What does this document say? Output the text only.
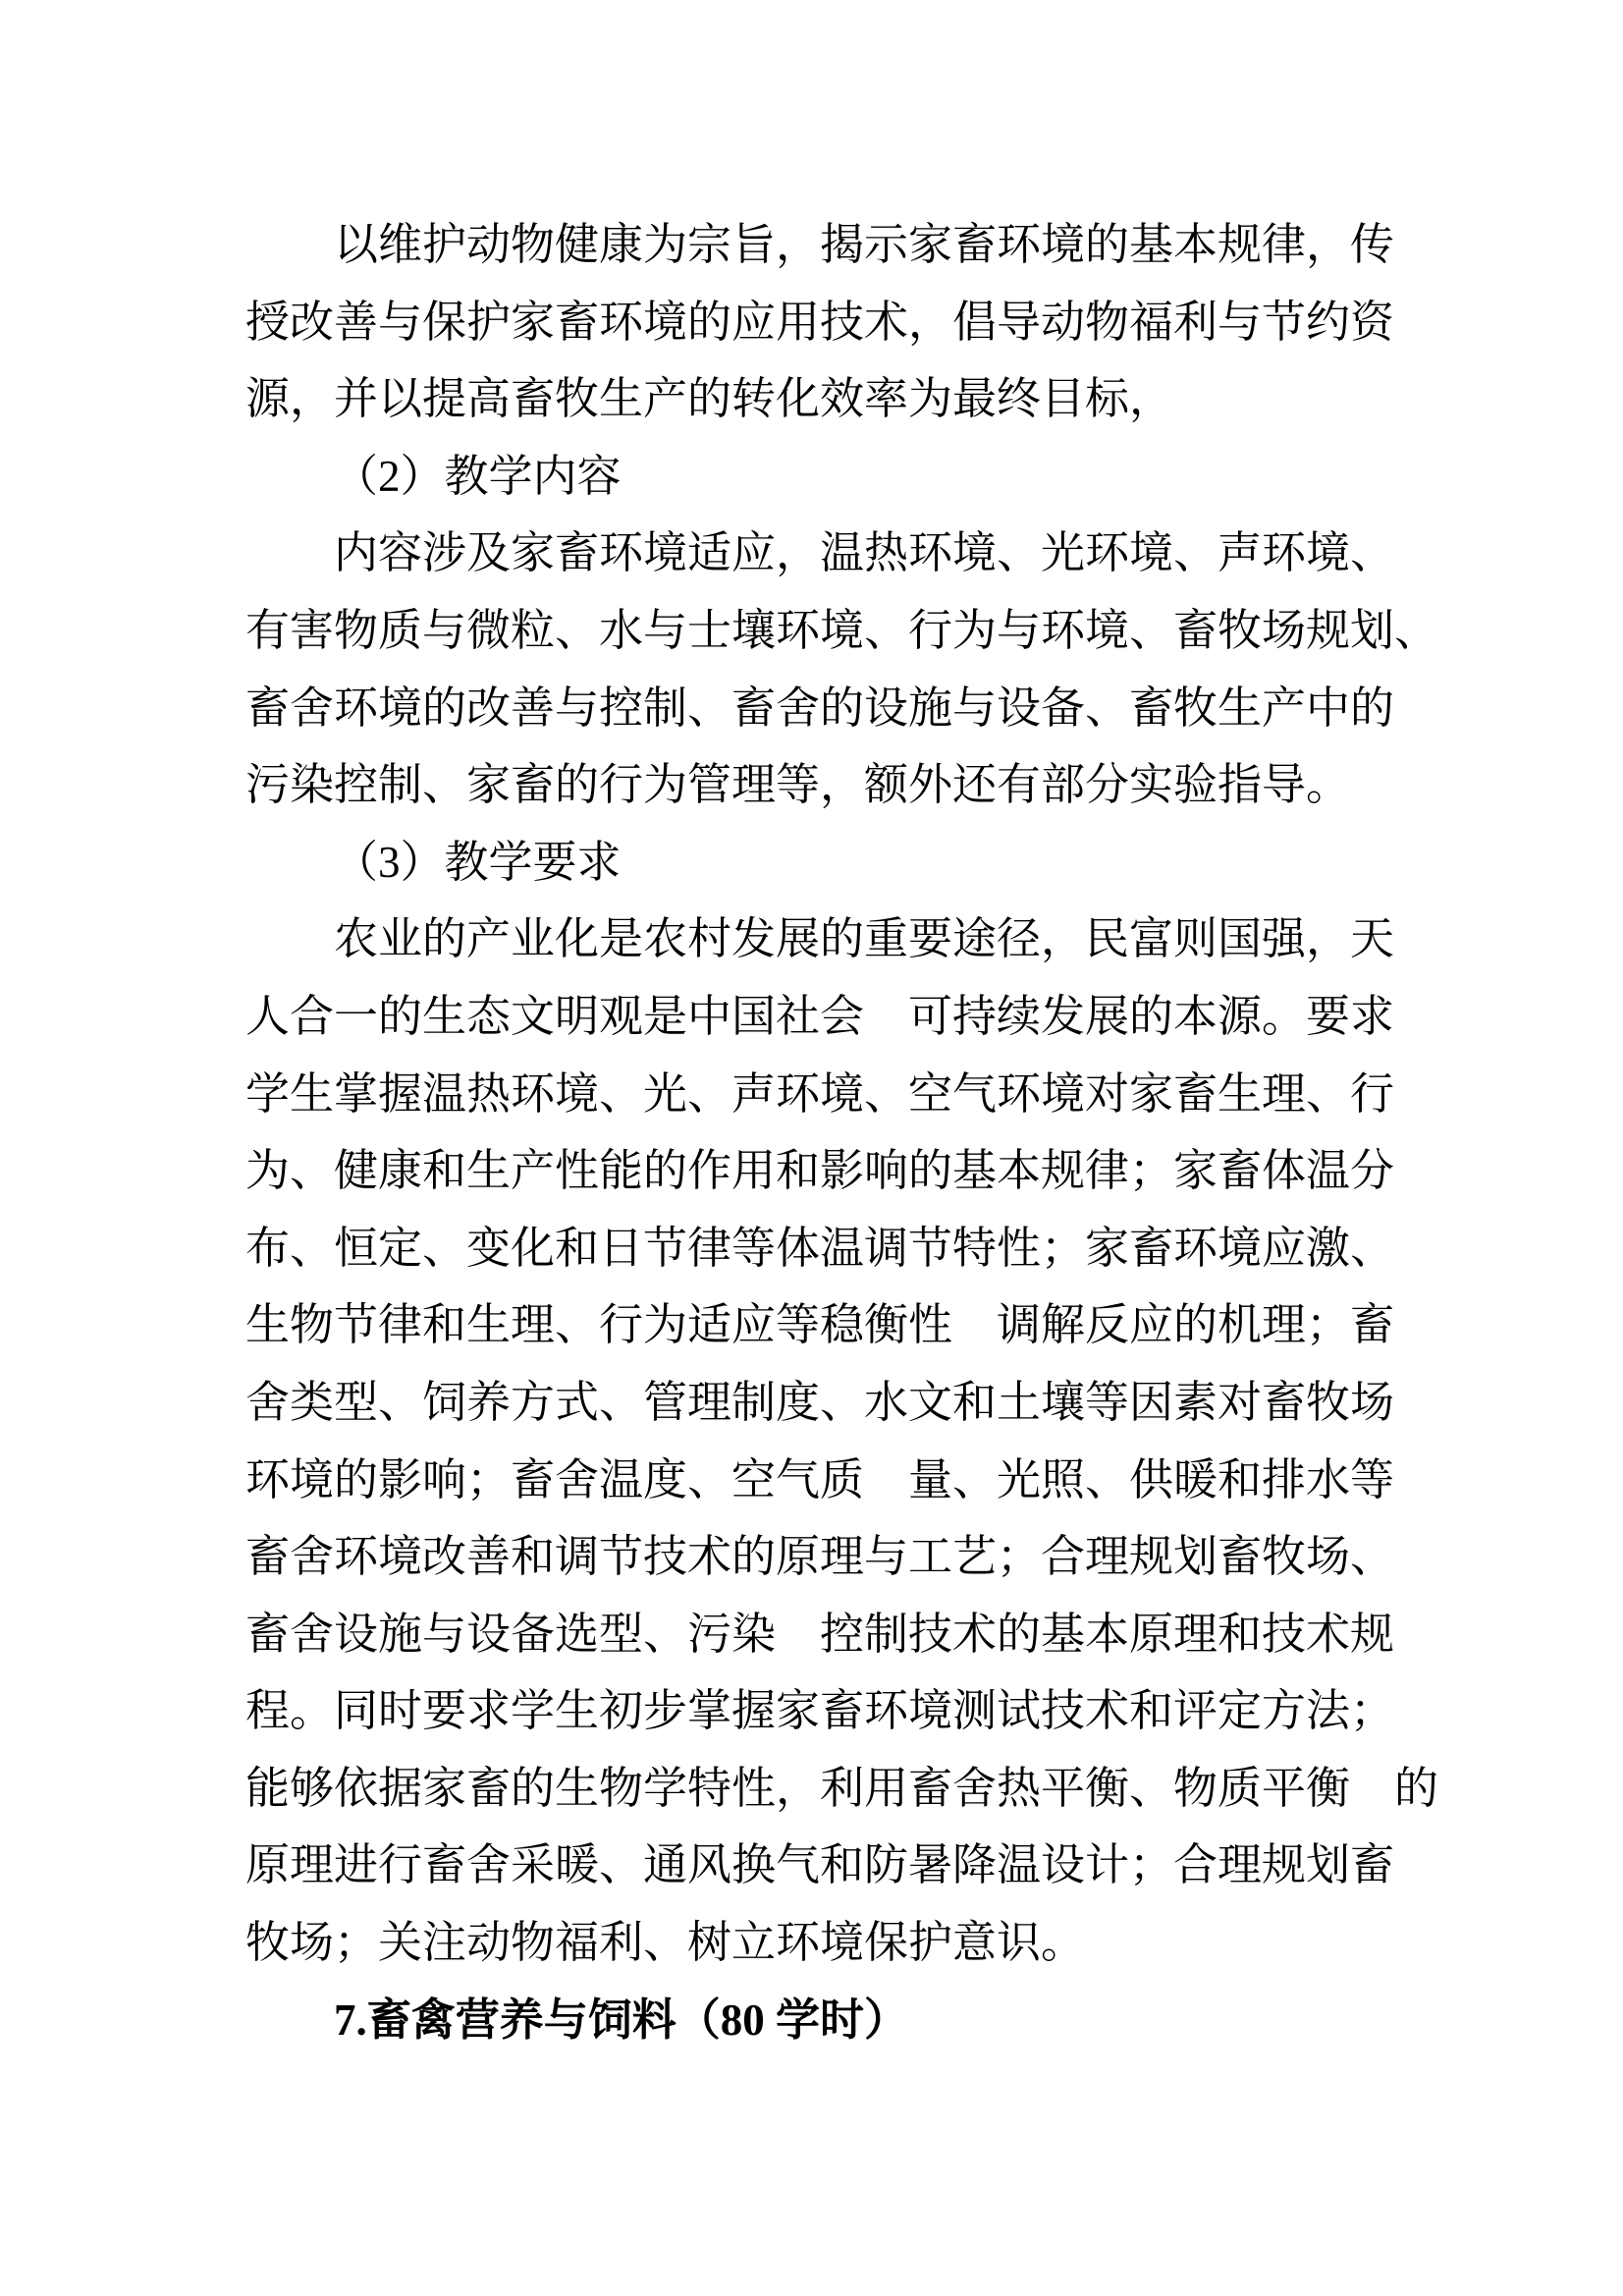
以维护动物健康为宗旨，揭示家畜环境的基本规律，传
授改善与保护家畜环境的应用技术，倡导动物福利与节约资
源，并以提高畜牧生产的转化效率为最终目标，
（2）教学内容
内容涉及家畜环境适应，温热环境、光环境、声环境、
有害物质与微粒、水与士壤环境、行为与环境、畜牧场规划、
畜舍环境的改善与控制、畜舍的设施与设备、畜牧生产中的
污染控制、家畜的行为管理等，额外还有部分实验指导。
（3）教学要求
农业的产业化是农村发展的重要途径，民富则国强，天
人合一的生态文明观是中国社会　可持续发展的本源。要求
学生掌握温热环境、光、声环境、空气环境对家畜生理、行
为、健康和生产性能的作用和影响的基本规律；家畜体温分
布、恒定、变化和日节律等体温调节特性；家畜环境应激、
生物节律和生理、行为适应等稳衡性　调解反应的机理；畜
舍类型、饲养方式、管理制度、水文和土壤等因素对畜牧场
环境的影响；畜舍温度、空气质　量、光照、供暖和排水等
畜舍环境改善和调节技术的原理与工艺；合理规划畜牧场、
畜舍设施与设备选型、污染　控制技术的基本原理和技术规
程。同时要求学生初步掌握家畜环境测试技术和评定方法；
能够依据家畜的生物学特性，利用畜舍热平衡、物质平衡　的
原理进行畜舍采暖、通风换气和防暑降温设计；合理规划畜
牧场；关注动物福利、树立环境保护意识。
7.畜禽营养与饲料（80 学时）
